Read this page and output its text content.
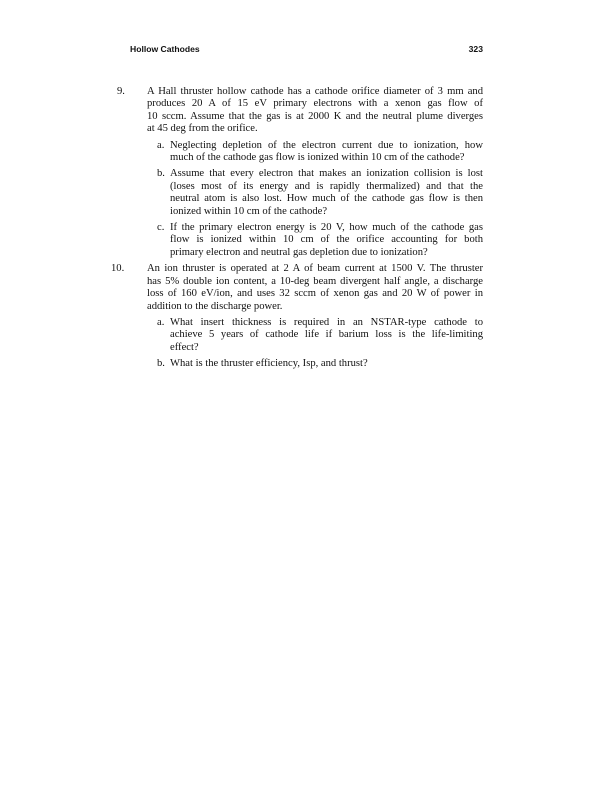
Hollow Cathodes	323
9. A Hall thruster hollow cathode has a cathode orifice diameter of 3 mm and
produces 20 A of 15 eV primary electrons with a xenon gas flow of
10 sccm. Assume that the gas is at 2000 K and the neutral plume diverges
at 45 deg from the orifice.
a. Neglecting depletion of the electron current due to ionization, how
much of the cathode gas flow is ionized within 10 cm of the cathode?
b. Assume that every electron that makes an ionization collision is lost
(loses most of its energy and is rapidly thermalized) and that the
neutral atom is also lost. How much of the cathode gas flow is then
ionized within 10 cm of the cathode?
c. If the primary electron energy is 20 V, how much of the cathode gas
flow is ionized within 10 cm of the orifice accounting for both
primary electron and neutral gas depletion due to ionization?
10. An ion thruster is operated at 2 A of beam current at 1500 V. The thruster
has 5% double ion content, a 10-deg beam divergent half angle, a discharge
loss of 160 eV/ion, and uses 32 sccm of xenon gas and 20 W of power in
addition to the discharge power.
a. What insert thickness is required in an NSTAR-type cathode to
achieve 5 years of cathode life if barium loss is the life-limiting
effect?
b. What is the thruster efficiency, Isp, and thrust?
